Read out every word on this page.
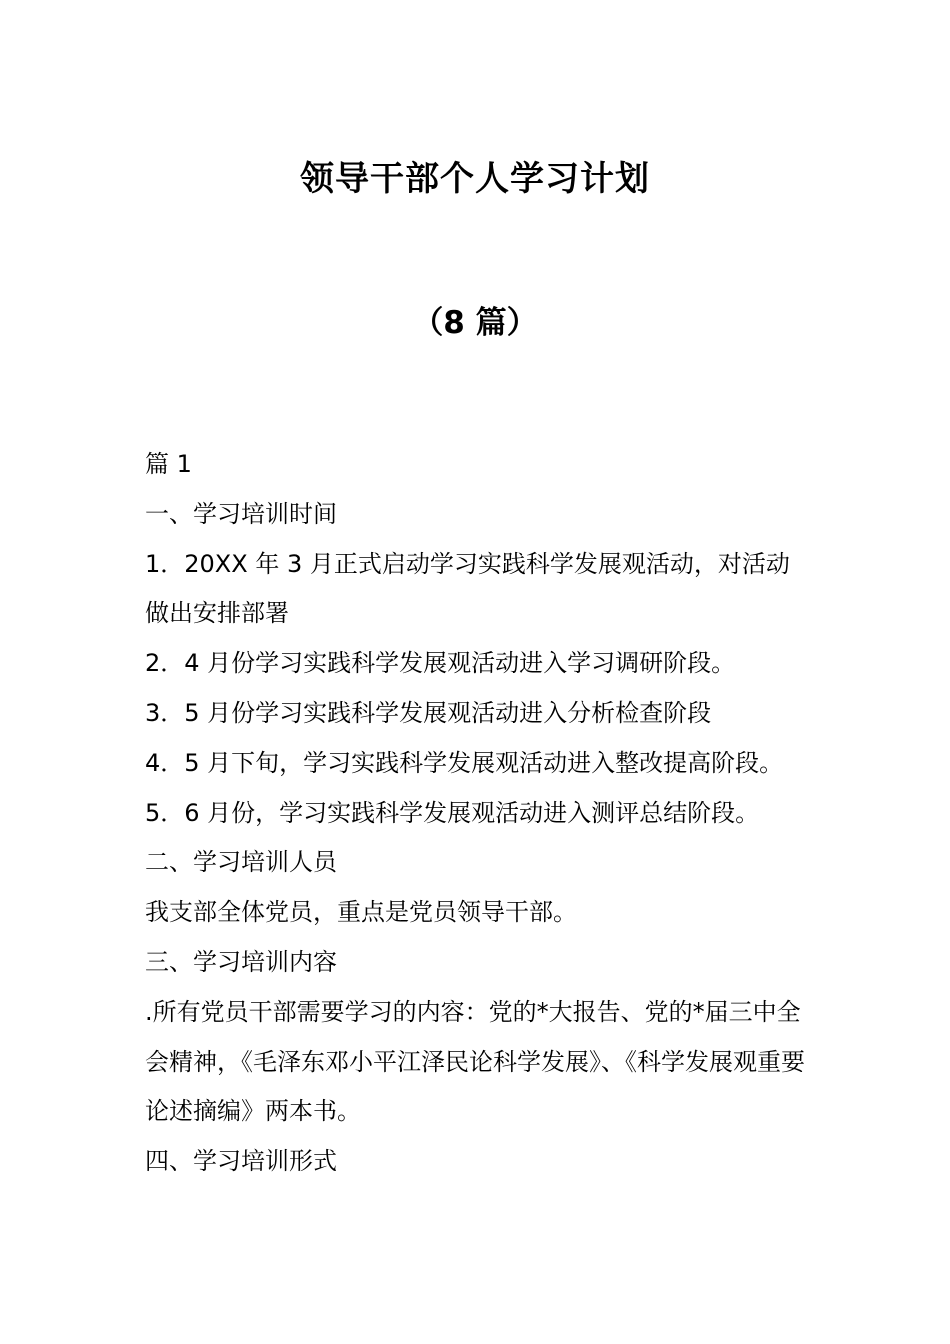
领导干部个人学习计划
（8 篇）

篇 1

一、学习培训时间

1．20XX 年 3 月正式启动学习实践科学发展观活动，对活动做出安排部署

2．4 月份学习实践科学发展观活动进入学习调研阶段。

3．5 月份学习实践科学发展观活动进入分析检查阶段

4．5 月下旬，学习实践科学发展观活动进入整改提高阶段。

5．6 月份，学习实践科学发展观活动进入测评总结阶段。

二、学习培训人员

我支部全体党员，重点是党员领导干部。

三、学习培训内容

.所有党员干部需要学习的内容：党的*大报告、党的*届三中全会精神，《毛泽东邓小平江泽民论科学发展》、《科学发展观重要论述摘编》两本书。

四、学习培训形式
